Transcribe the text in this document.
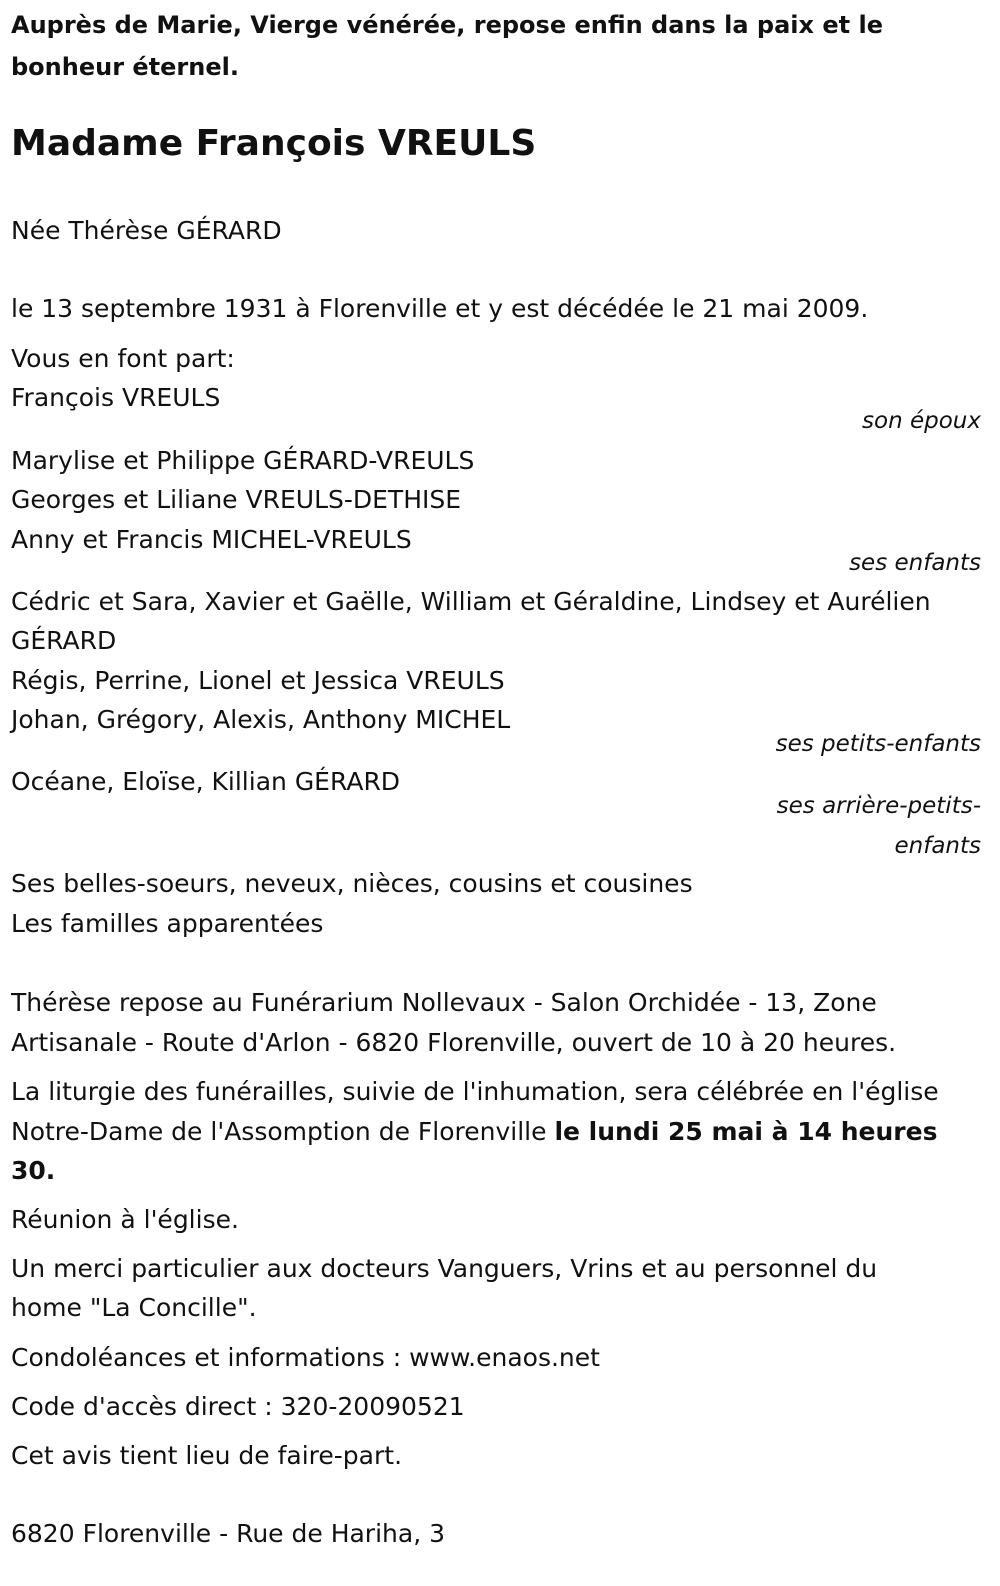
Auprès de Marie, Vierge vénérée, repose enfin dans la paix et le
bonheur éternel.
Madame François VREULS
Née Thérèse GÉRARD
le 13 septembre 1931 à Florenville et y est décédée le 21 mai 2009.
Vous en font part:
François VREULS
son époux
Marylise et Philippe GÉRARD-VREULS
Georges et Liliane VREULS-DETHISE
Anny et Francis MICHEL-VREULS
ses enfants
Cédric et Sara, Xavier et Gaëlle, William et Géraldine, Lindsey et Aurélien
GÉRARD
Régis, Perrine, Lionel et Jessica VREULS
Johan, Grégory, Alexis, Anthony MICHEL
ses petits-enfants
Océane, Eloïse, Killian GÉRARD
ses arrière-petits-
enfants
Ses belles-soeurs, neveux, nièces, cousins et cousines
Les familles apparentées
Thérèse repose au Funérarium Nollevaux - Salon Orchidée - 13, Zone
Artisanale - Route d'Arlon - 6820 Florenville, ouvert de 10 à 20 heures.
La liturgie des funérailles, suivie de l'inhumation, sera célébrée en l'église
Notre-Dame de l'Assomption de Florenville le lundi 25 mai à 14 heures
30.
Réunion à l'église.
Un merci particulier aux docteurs Vanguers, Vrins et au personnel du
home "La Concille".
Condoléances et informations : www.enaos.net
Code d'accès direct : 320-20090521
Cet avis tient lieu de faire-part.
6820 Florenville - Rue de Hariha, 3
